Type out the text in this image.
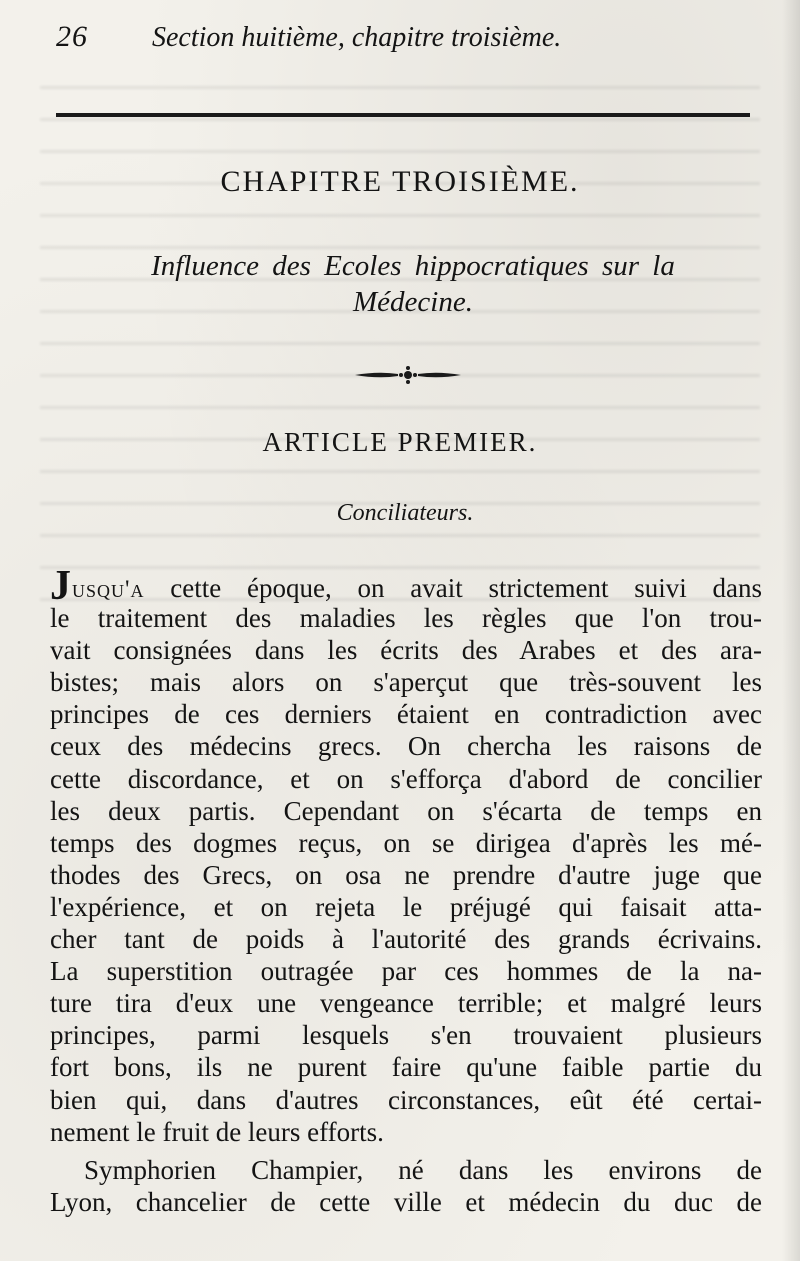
26 Section huitième, chapitre troisième.
CHAPITRE TROISIÈME.
Influence des Ecoles hippocratiques sur la
Médecine.
ARTICLE PREMIER.
Conciliateurs.
Jusqu'a cette époque, on avait strictement suivi dans
le traitement des maladies les règles que l'on trou-
vait consignées dans les écrits des Arabes et des ara-
bistes; mais alors on s'aperçut que très-souvent les
principes de ces derniers étaient en contradiction avec
ceux des médecins grecs. On chercha les raisons de
cette discordance, et on s'efforça d'abord de concilier
les deux partis. Cependant on s'écarta de temps en
temps des dogmes reçus, on se dirigea d'après les mé-
thodes des Grecs, on osa ne prendre d'autre juge que
l'expérience, et on rejeta le préjugé qui faisait atta-
cher tant de poids à l'autorité des grands écrivains.
La superstition outragée par ces hommes de la na-
ture tira d'eux une vengeance terrible; et malgré leurs
principes, parmi lesquels s'en trouvaient plusieurs
fort bons, ils ne purent faire qu'une faible partie du
bien qui, dans d'autres circonstances, eût été certai-
nement le fruit de leurs efforts.
Symphorien Champier, né dans les environs de
Lyon, chancelier de cette ville et médecin du duc de
